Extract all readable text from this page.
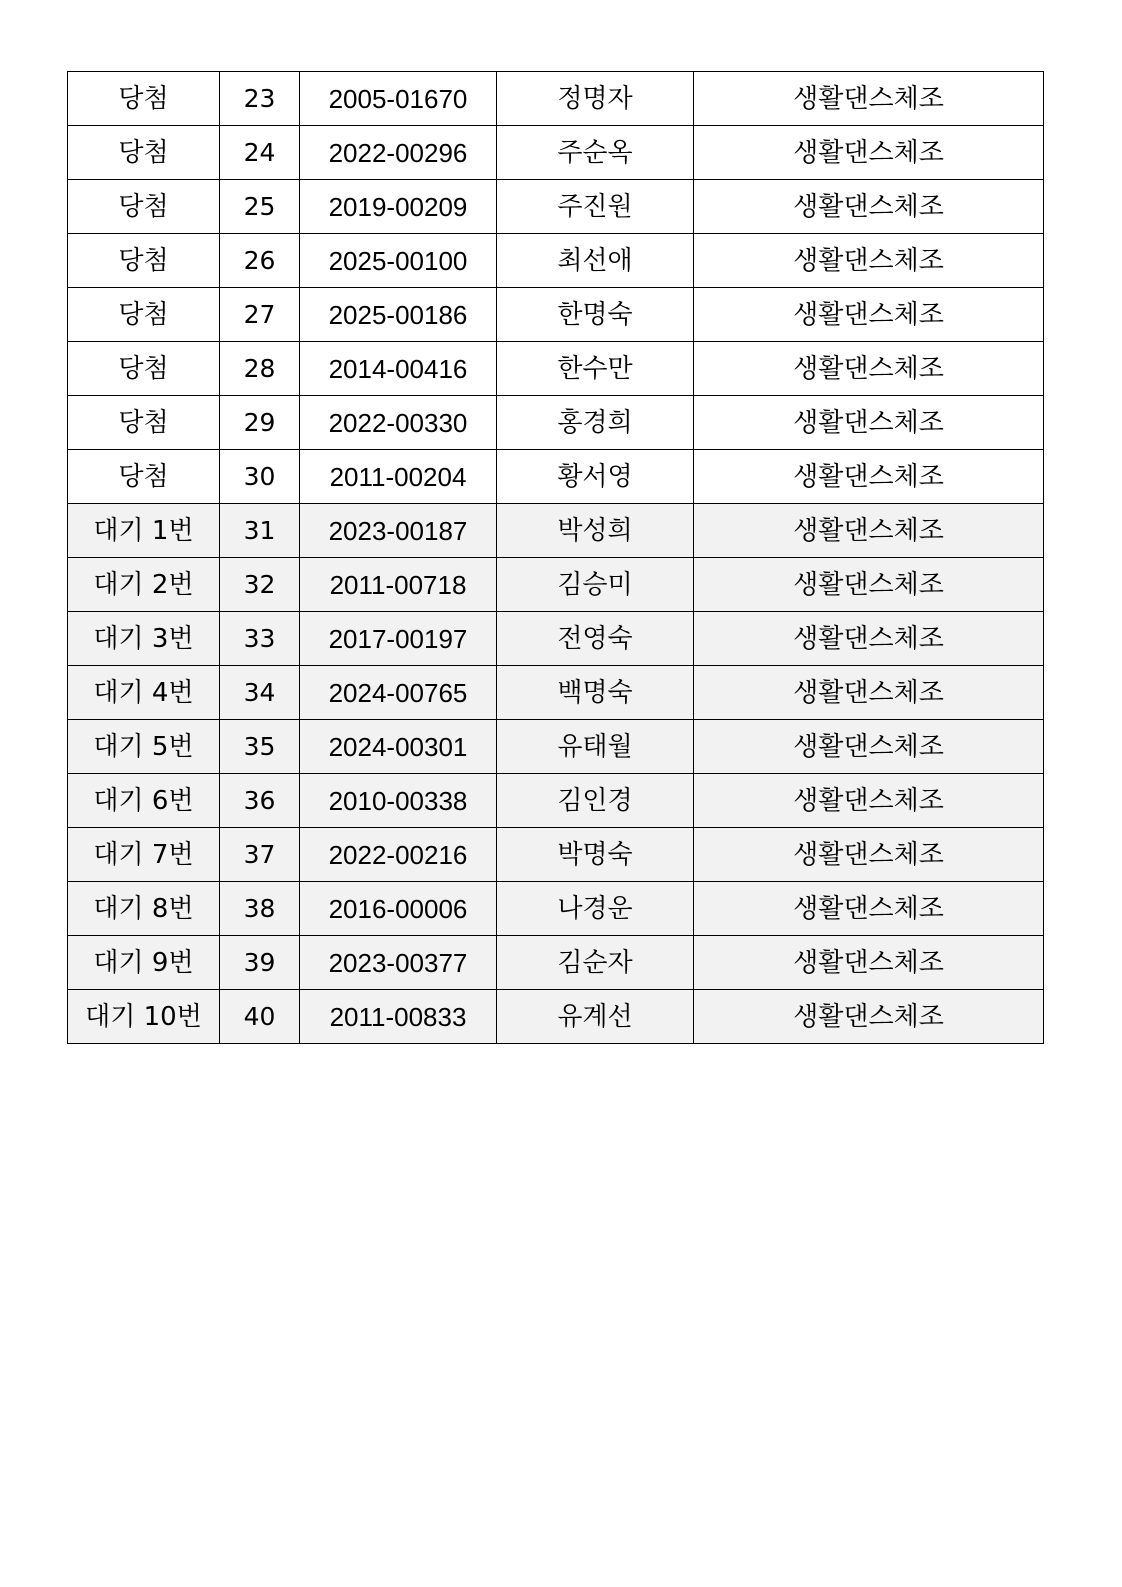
당첨	23	2005-01670	정명자	생활댄스체조
당첨	24	2022-00296	주순옥	생활댄스체조
당첨	25	2019-00209	주진원	생활댄스체조
당첨	26	2025-00100	최선애	생활댄스체조
당첨	27	2025-00186	한명숙	생활댄스체조
당첨	28	2014-00416	한수만	생활댄스체조
당첨	29	2022-00330	홍경희	생활댄스체조
당첨	30	2011-00204	황서영	생활댄스체조
대기 1번	31	2023-00187	박성희	생활댄스체조
대기 2번	32	2011-00718	김승미	생활댄스체조
대기 3번	33	2017-00197	전영숙	생활댄스체조
대기 4번	34	2024-00765	백명숙	생활댄스체조
대기 5번	35	2024-00301	유태월	생활댄스체조
대기 6번	36	2010-00338	김인경	생활댄스체조
대기 7번	37	2022-00216	박명숙	생활댄스체조
대기 8번	38	2016-00006	나경운	생활댄스체조
대기 9번	39	2023-00377	김순자	생활댄스체조
대기 10번	40	2011-00833	유계선	생활댄스체조
